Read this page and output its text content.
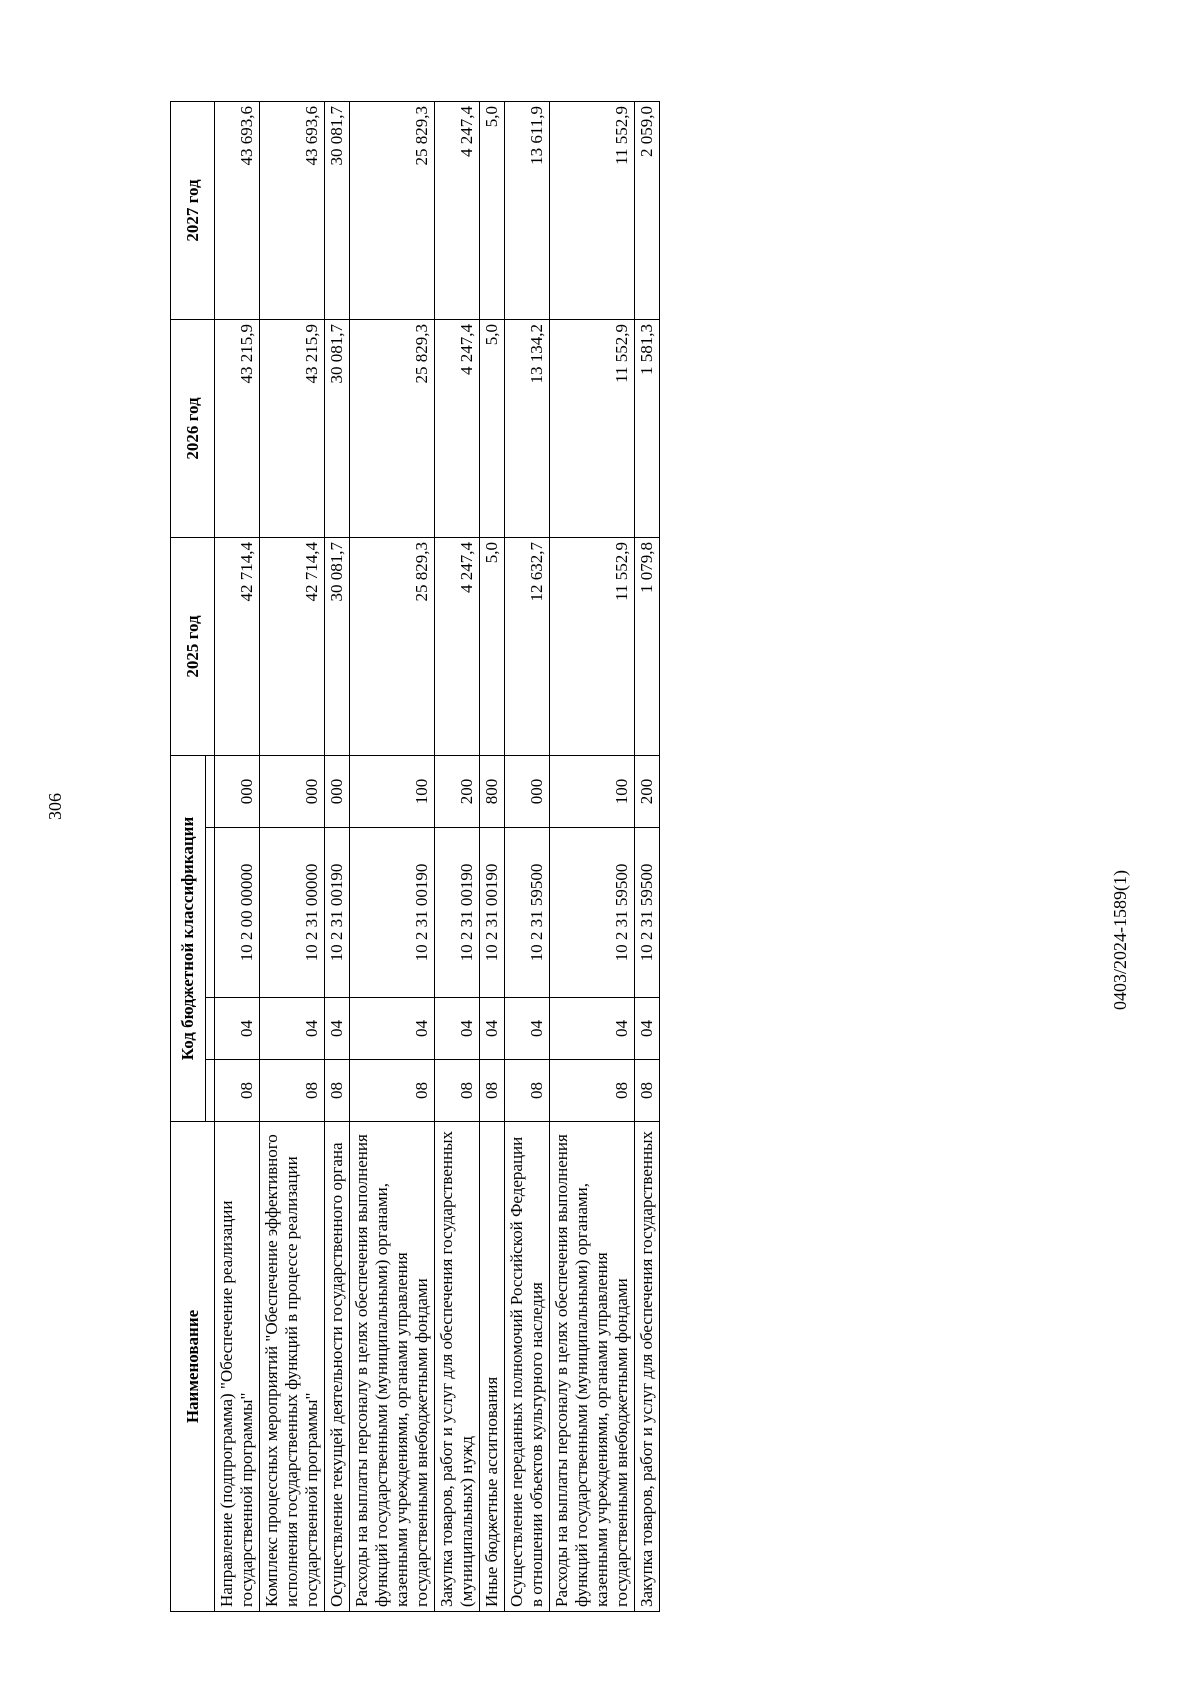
306
Наименование	Код бюджетной классификации				2025 год	2026 год	2027 год

Направление (подпрограмма) "Обеспечение реализации государственной программы"	08	04	10 2 00 00000	000	42 714,4	43 215,9	43 693,6
Комплекс процессных мероприятий "Обеспечение эффективного исполнения государственных функций в процессе реализации государственной программы"	08	04	10 2 31 00000	000	42 714,4	43 215,9	43 693,6
Осуществление текущей деятельности государственного органа	08	04	10 2 31 00190	000	30 081,7	30 081,7	30 081,7
Расходы на выплаты персоналу в целях обеспечения выполнения функций государственными (муниципальными) органами, казенными учреждениями, органами управления государственными внебюджетными фондами	08	04	10 2 31 00190	100	25 829,3	25 829,3	25 829,3
Закупка товаров, работ и услуг для обеспечения государственных (муниципальных) нужд	08	04	10 2 31 00190	200	4 247,4	4 247,4	4 247,4
Иные бюджетные ассигнования	08	04	10 2 31 00190	800	5,0	5,0	5,0
Осуществление переданных полномочий Российской Федерации в отношении объектов культурного наследия	08	04	10 2 31 59500	000	12 632,7	13 134,2	13 611,9
Расходы на выплаты персоналу в целях обеспечения выполнения функций государственными (муниципальными) органами, казенными учреждениями, органами управления государственными внебюджетными фондами	08	04	10 2 31 59500	100	11 552,9	11 552,9	11 552,9
Закупка товаров, работ и услуг для обеспечения государственных	08	04	10 2 31 59500	200	1 079,8	1 581,3	2 059,0
0403/2024-1589(1)
